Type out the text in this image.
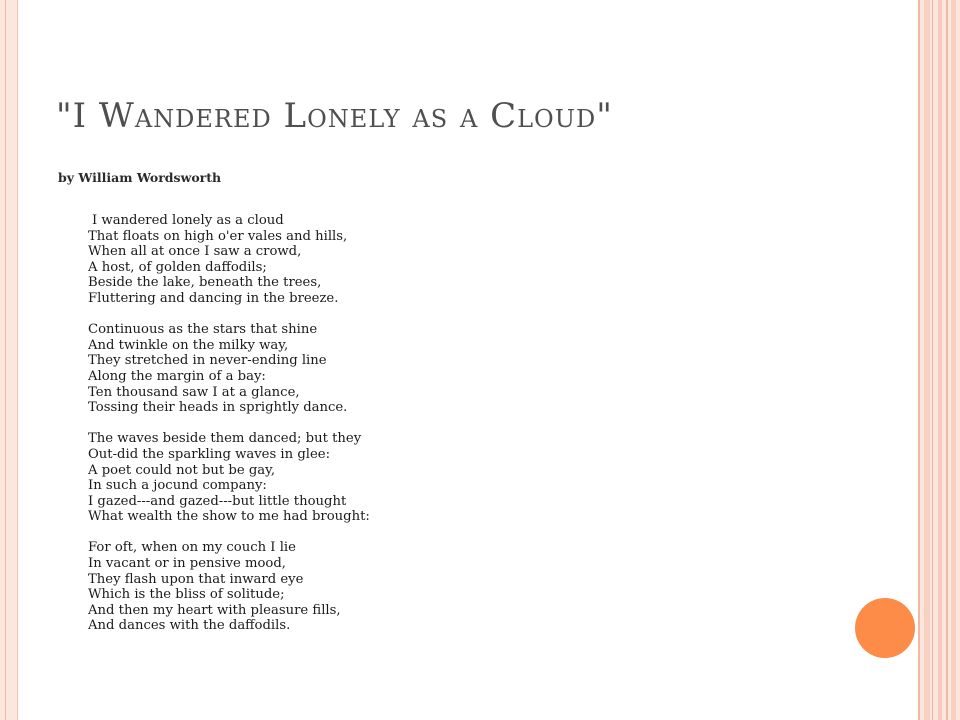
"I Wandered Lonely as a Cloud"
by William Wordsworth
I wandered lonely as a cloud
That floats on high o'er vales and hills,
When all at once I saw a crowd,
A host, of golden daffodils;
Beside the lake, beneath the trees,
Fluttering and dancing in the breeze.
Continuous as the stars that shine
And twinkle on the milky way,
They stretched in never-ending line
Along the margin of a bay:
Ten thousand saw I at a glance,
Tossing their heads in sprightly dance.
The waves beside them danced; but they
Out-did the sparkling waves in glee:
A poet could not but be gay,
In such a jocund company:
I gazed---and gazed---but little thought
What wealth the show to me had brought:
For oft, when on my couch I lie
In vacant or in pensive mood,
They flash upon that inward eye
Which is the bliss of solitude;
And then my heart with pleasure fills,
And dances with the daffodils.
